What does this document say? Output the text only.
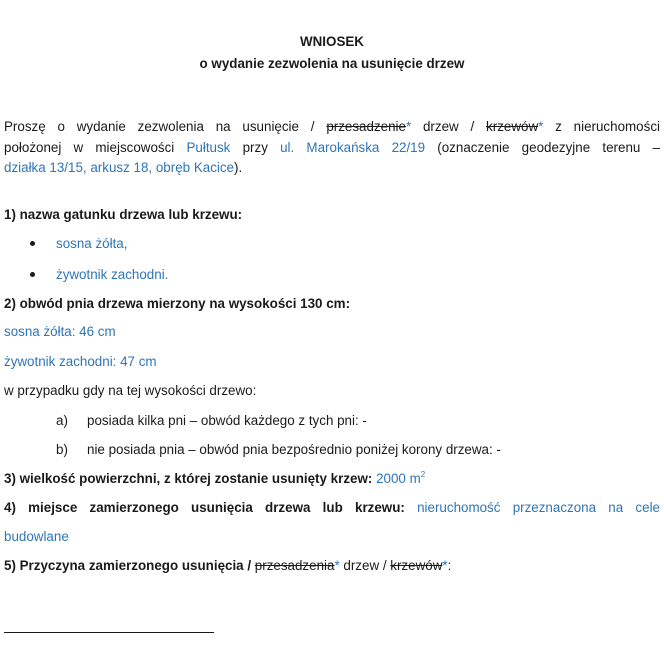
WNIOSEK
o wydanie zezwolenia na usunięcie drzew
Proszę o wydanie zezwolenia na usunięcie / przesadzenie* drzew / krzewów* z nieruchomości
położonej w miejscowości Pułtusk przy ul. Marokańska 22/19 (oznaczenie geodezyjne terenu –
działka 13/15, arkusz 18, obręb Kacice).
1) nazwa gatunku drzewa lub krzewu:
sosna żółta,
żywotnik zachodni.
2) obwód pnia drzewa mierzony na wysokości 130 cm:
sosna żółta: 46 cm
żywotnik zachodni: 47 cm
w przypadku gdy na tej wysokości drzewo:
a) posiada kilka pni – obwód każdego z tych pni: -
b) nie posiada pnia – obwód pnia bezpośrednio poniżej korony drzewa: -
3) wielkość powierzchni, z której zostanie usunięty krzew: 2000 $m^2$
4) miejsce zamierzonego usunięcia drzewa lub krzewu: nieruchomość przeznaczona na cele
budowlane
5) Przyczyna zamierzonego usunięcia / przesadzenia* drzew / krzewów*:
